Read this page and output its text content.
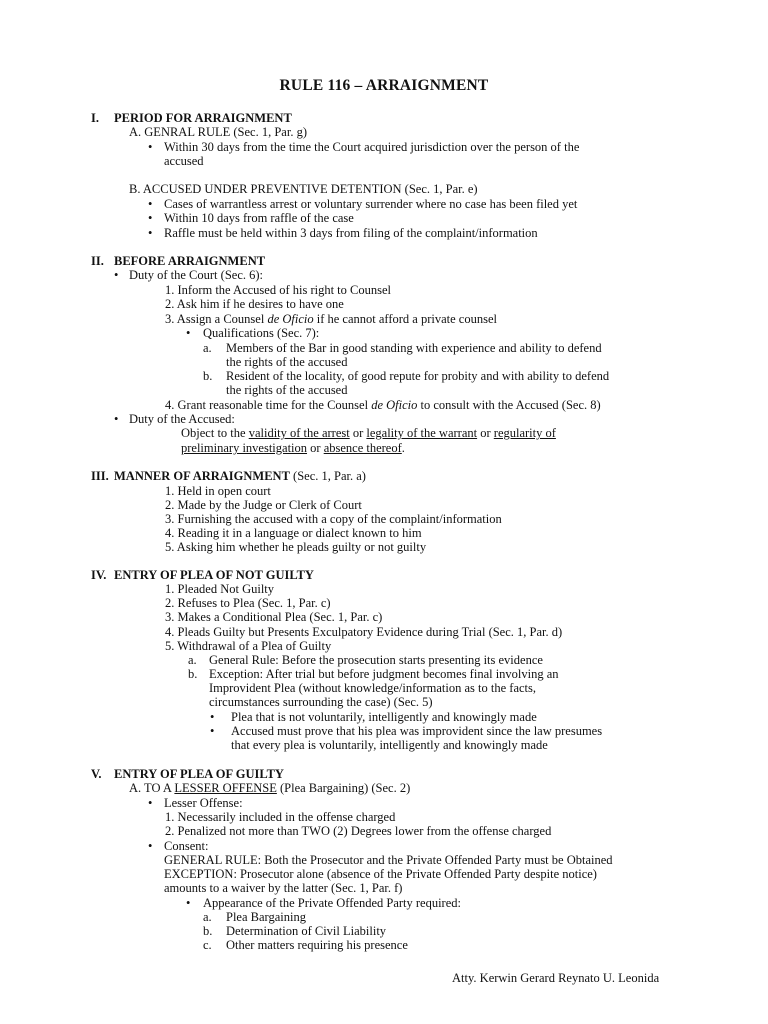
RULE 116 – ARRAIGNMENT
I. PERIOD FOR ARRAIGNMENT
A. GENRAL RULE (Sec. 1, Par. g)
• Within 30 days from the time the Court acquired jurisdiction over the person of the
accused
B. ACCUSED UNDER PREVENTIVE DETENTION (Sec. 1, Par. e)
• Cases of warrantless arrest or voluntary surrender where no case has been filed yet
• Within 10 days from raffle of the case
• Raffle must be held within 3 days from filing of the complaint/information
II. BEFORE ARRAIGNMENT
• Duty of the Court (Sec. 6):
1. Inform the Accused of his right to Counsel
2. Ask him if he desires to have one
3. Assign a Counsel de Oficio if he cannot afford a private counsel
• Qualifications (Sec. 7):
a. Members of the Bar in good standing with experience and ability to defend
the rights of the accused
b. Resident of the locality, of good repute for probity and with ability to defend
the rights of the accused
4. Grant reasonable time for the Counsel de Oficio to consult with the Accused (Sec. 8)
• Duty of the Accused:
Object to the validity of the arrest or legality of the warrant or regularity of
preliminary investigation or absence thereof.
III. MANNER OF ARRAIGNMENT (Sec. 1, Par. a)
1. Held in open court
2. Made by the Judge or Clerk of Court
3. Furnishing the accused with a copy of the complaint/information
4. Reading it in a language or dialect known to him
5. Asking him whether he pleads guilty or not guilty
IV. ENTRY OF PLEA OF NOT GUILTY
1. Pleaded Not Guilty
2. Refuses to Plea (Sec. 1, Par. c)
3. Makes a Conditional Plea (Sec. 1, Par. c)
4. Pleads Guilty but Presents Exculpatory Evidence during Trial (Sec. 1, Par. d)
5. Withdrawal of a Plea of Guilty
a. General Rule: Before the prosecution starts presenting its evidence
b. Exception: After trial but before judgment becomes final involving an
Improvident Plea (without knowledge/information as to the facts,
circumstances surrounding the case) (Sec. 5)
• Plea that is not voluntarily, intelligently and knowingly made
• Accused must prove that his plea was improvident since the law presumes
that every plea is voluntarily, intelligently and knowingly made
V. ENTRY OF PLEA OF GUILTY
A. TO A LESSER OFFENSE (Plea Bargaining) (Sec. 2)
• Lesser Offense:
1. Necessarily included in the offense charged
2. Penalized not more than TWO (2) Degrees lower from the offense charged
• Consent:
GENERAL RULE: Both the Prosecutor and the Private Offended Party must be Obtained
EXCEPTION: Prosecutor alone (absence of the Private Offended Party despite notice)
amounts to a waiver by the latter (Sec. 1, Par. f)
• Appearance of the Private Offended Party required:
a. Plea Bargaining
b. Determination of Civil Liability
c. Other matters requiring his presence
Atty. Kerwin Gerard Reynato U. Leonida
